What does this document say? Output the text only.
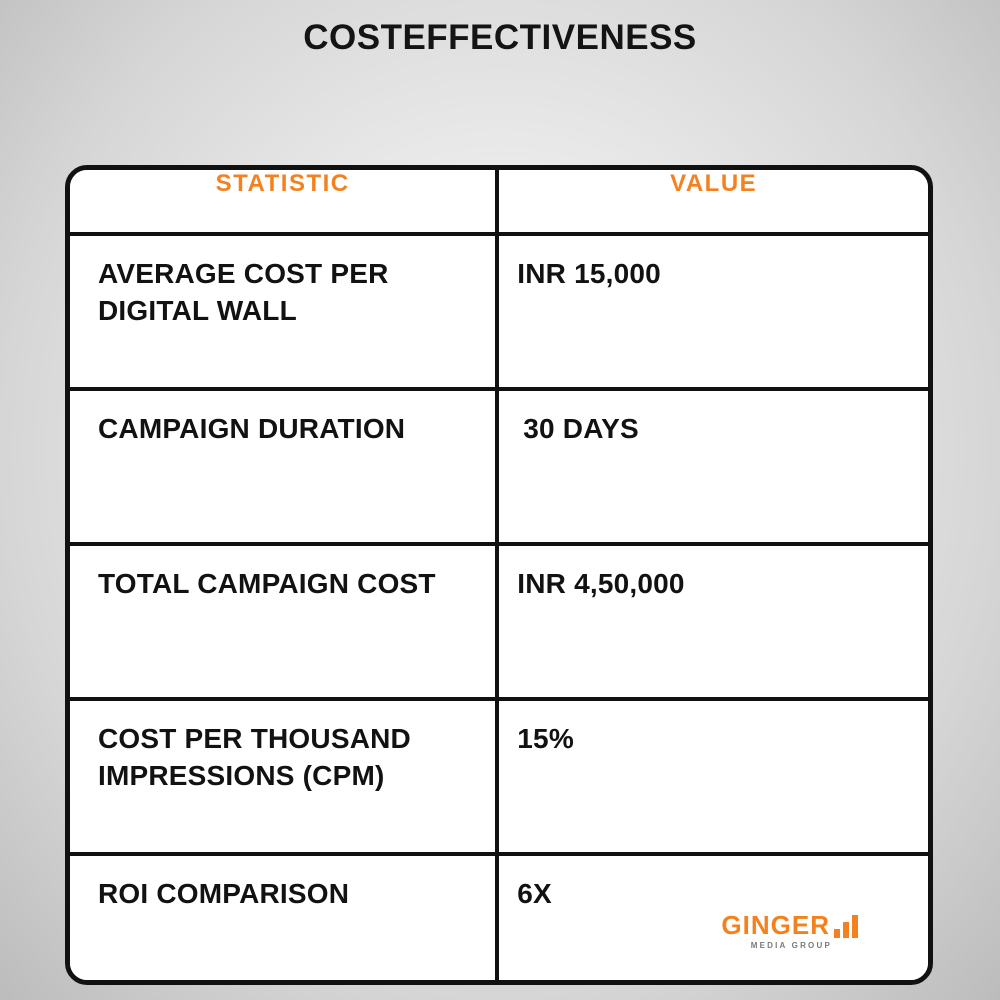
COSTEFFECTIVENESS
STATISTIC	VALUE

AVERAGE COST PER DIGITAL WALL	INR 15,000

CAMPAIGN DURATION	30 DAYS

TOTAL CAMPAIGN COST	INR 4,50,000

COST PER THOUSAND IMPRESSIONS (CPM)	15%

ROI COMPARISON	6X
GINGER
MEDIA GROUP
